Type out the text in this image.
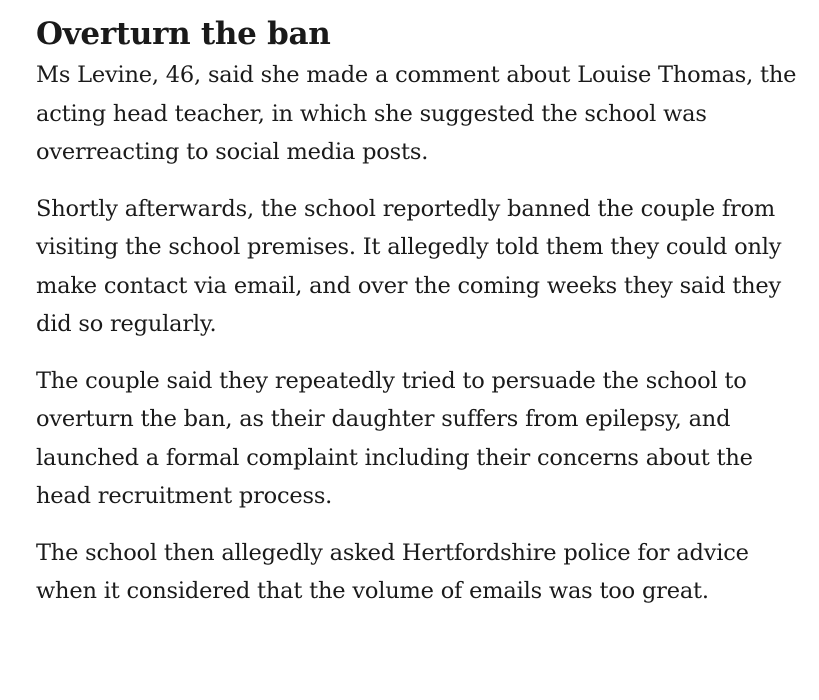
Overturn the ban

Ms Levine, 46, said she made a comment about Louise Thomas, the acting head teacher, in which she suggested the school was overreacting to social media posts.

Shortly afterwards, the school reportedly banned the couple from visiting the school premises. It allegedly told them they could only make contact via email, and over the coming weeks they said they did so regularly.

The couple said they repeatedly tried to persuade the school to overturn the ban, as their daughter suffers from epilepsy, and launched a formal complaint including their concerns about the head recruitment process.

The school then allegedly asked Hertfordshire police for advice when it considered that the volume of emails was too great.
